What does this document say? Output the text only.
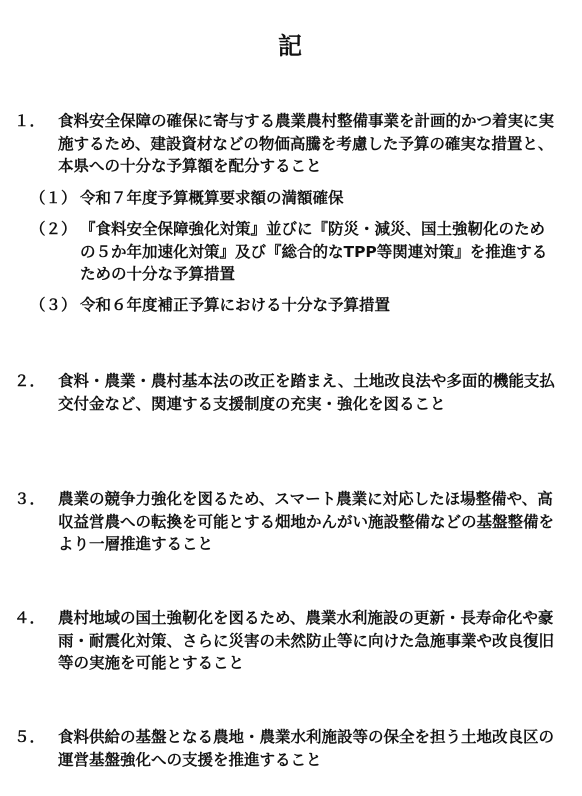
記
１． 食料安全保障の確保に寄与する農業農村整備事業を計画的かつ着実に実施するため、建設資材などの物価高騰を考慮した予算の確実な措置と、本県への十分な予算額を配分すること
（１） 令和７年度予算概算要求額の満額確保
（２） 『食料安全保障強化対策』並びに『防災・減災、国土強靭化のための５か年加速化対策』及び『総合的なTPP等関連対策』を推進するための十分な予算措置
（３） 令和６年度補正予算における十分な予算措置
２． 食料・農業・農村基本法の改正を踏まえ、土地改良法や多面的機能支払交付金など、関連する支援制度の充実・強化を図ること
３． 農業の競争力強化を図るため、スマート農業に対応したほ場整備や、高収益営農への転換を可能とする畑地かんがい施設整備などの基盤整備をより一層推進すること
４． 農村地域の国土強靭化を図るため、農業水利施設の更新・長寿命化や豪雨・耐震化対策、さらに災害の未然防止等に向けた急施事業や改良復旧等の実施を可能とすること
５． 食料供給の基盤となる農地・農業水利施設等の保全を担う土地改良区の運営基盤強化への支援を推進すること
